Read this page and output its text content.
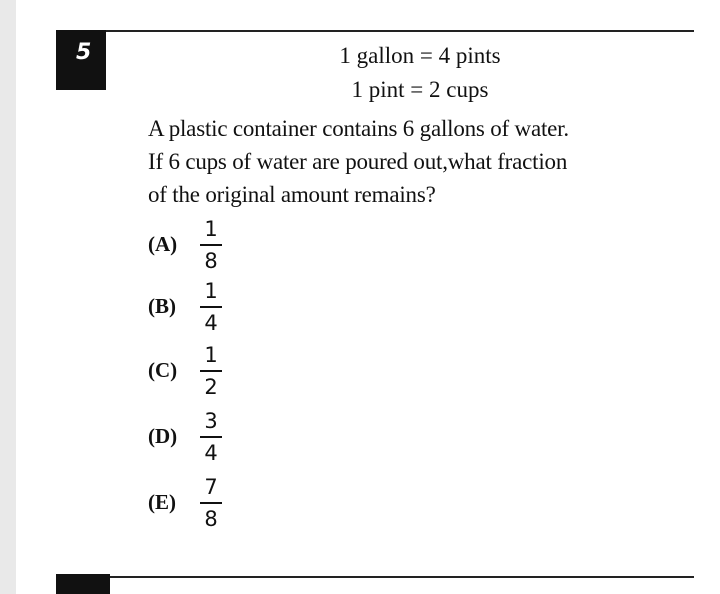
5	1 gallon = 4 pints
1 pint = 2 cups
A plastic container contains 6 gallons of water.
If 6 cups of water are poured out,what fraction
of the original amount remains?
(A)
1
8
(B)
1
4
(C)
1
2
(D)
3
4
(E)
7
8
